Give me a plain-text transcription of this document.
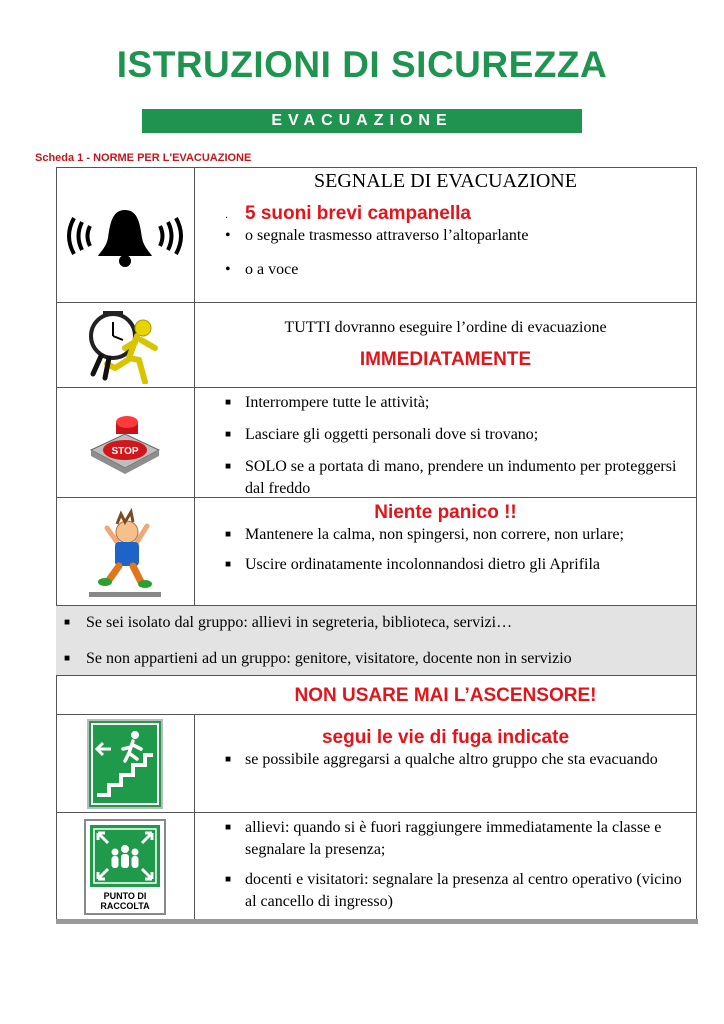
ISTRUZIONI DI SICUREZZA
EVACUAZIONE
Scheda 1 - NORME PER L'EVACUAZIONE
SEGNALE DI EVACUAZIONE
· 5 suoni brevi campanella
• o segnale trasmesso attraverso l’altoparlante
• o a voce
TUTTI dovranno eseguire l’ordine di evacuazione
IMMEDIATAMENTE
STOP
■ Interrompere tutte le attività;
■ Lasciare gli oggetti personali dove si trovano;
■ SOLO se a portata di mano, prendere un indumento per proteggersi dal freddo
Niente panico !!
■ Mantenere la calma, non spingersi, non correre, non urlare;
■ Uscire ordinatamente incolonnandosi dietro gli Aprifila
■ Se sei isolato dal gruppo: allievi in segreteria, biblioteca, servizi…
■ Se non appartieni ad un gruppo: genitore, visitatore, docente non in servizio
NON USARE MAI L’ASCENSORE!
segui le vie di fuga indicate
■ se possibile aggregarsi a qualche altro gruppo che sta evacuando
PUNTO DI
RACCOLTA
■ allievi: quando si è fuori raggiungere immediatamente la classe e segnalare la presenza;
■ docenti e visitatori: segnalare la presenza al centro operativo (vicino al cancello di ingresso)
